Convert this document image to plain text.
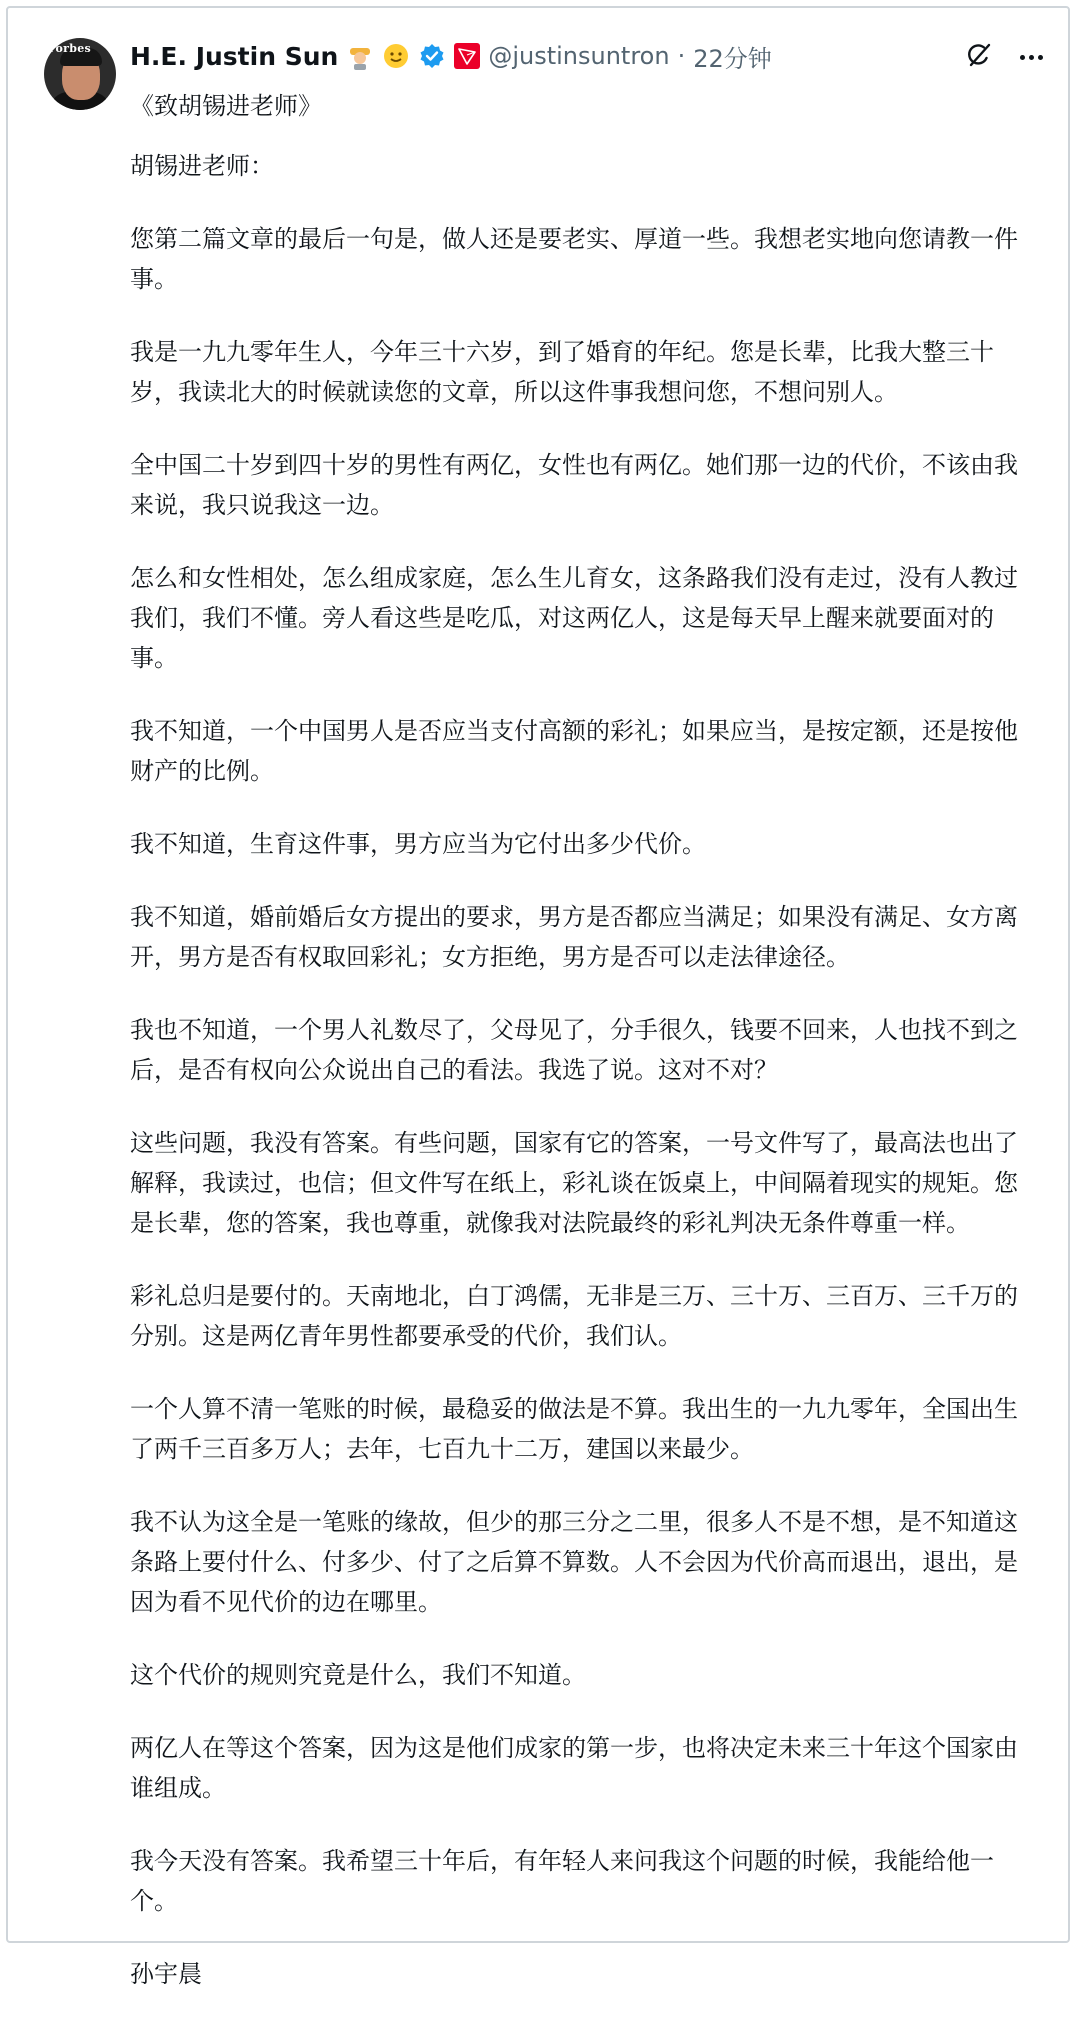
Forbes H.E. Justin Sun	@justinsuntron · 22分钟
《致胡锡进老师》

胡锡进老师：

您第二篇文章的最后一句是，做人还是要老实、厚道一些。我想老实地向您请教一件事。

我是一九九零年生人，今年三十六岁，到了婚育的年纪。您是长辈，比我大整三十岁，我读北大的时候就读您的文章，所以这件事我想问您，不想问别人。

全中国二十岁到四十岁的男性有两亿，女性也有两亿。她们那一边的代价，不该由我来说，我只说我这一边。

怎么和女性相处，怎么组成家庭，怎么生儿育女，这条路我们没有走过，没有人教过我们，我们不懂。旁人看这些是吃瓜，对这两亿人，这是每天早上醒来就要面对的事。

我不知道，一个中国男人是否应当支付高额的彩礼；如果应当，是按定额，还是按他财产的比例。

我不知道，生育这件事，男方应当为它付出多少代价。

我不知道，婚前婚后女方提出的要求，男方是否都应当满足；如果没有满足、女方离开，男方是否有权取回彩礼；女方拒绝，男方是否可以走法律途径。

我也不知道，一个男人礼数尽了，父母见了，分手很久，钱要不回来，人也找不到之后，是否有权向公众说出自己的看法。我选了说。这对不对？

这些问题，我没有答案。有些问题，国家有它的答案，一号文件写了，最高法也出了解释，我读过，也信；但文件写在纸上，彩礼谈在饭桌上，中间隔着现实的规矩。您是长辈，您的答案，我也尊重，就像我对法院最终的彩礼判决无条件尊重一样。

彩礼总归是要付的。天南地北，白丁鸿儒，无非是三万、三十万、三百万、三千万的分别。这是两亿青年男性都要承受的代价，我们认。

一个人算不清一笔账的时候，最稳妥的做法是不算。我出生的一九九零年，全国出生了两千三百多万人；去年，七百九十二万，建国以来最少。

我不认为这全是一笔账的缘故，但少的那三分之二里，很多人不是不想，是不知道这条路上要付什么、付多少、付了之后算不算数。人不会因为代价高而退出，退出，是因为看不见代价的边在哪里。

这个代价的规则究竟是什么，我们不知道。

两亿人在等这个答案，因为这是他们成家的第一步，也将决定未来三十年这个国家由谁组成。

我今天没有答案。我希望三十年后，有年轻人来问我这个问题的时候，我能给他一个。

孙宇晨
